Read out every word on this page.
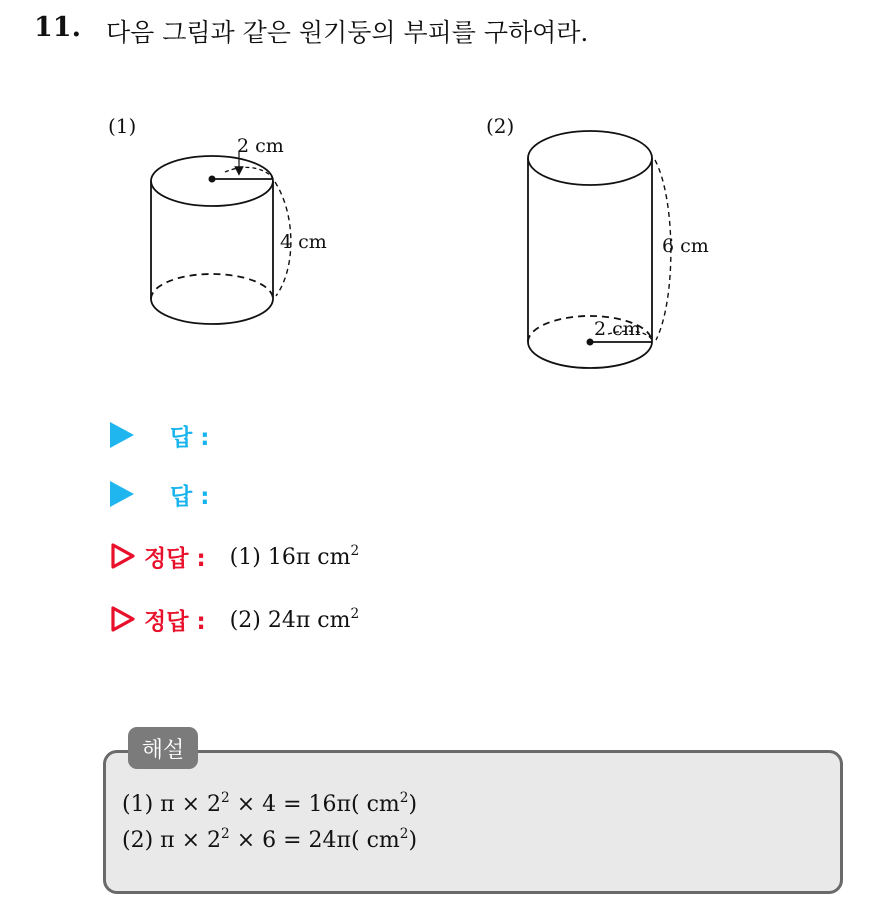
11. 다음 그림과 같은 원기둥의 부피를 구하여라.
(1)	(2)
2 cm
4 cm
2 cm
6 cm
답 :
답 :
정답 : (1) 16π $cm^2$
정답 : (2) 24π $cm^2$
해설
(1) $\pi \times 2^2 \times 4 = 16\pi$( $cm^2$)
(2) $\pi \times 2^2 \times 6 = 24\pi$( $cm^2$)
